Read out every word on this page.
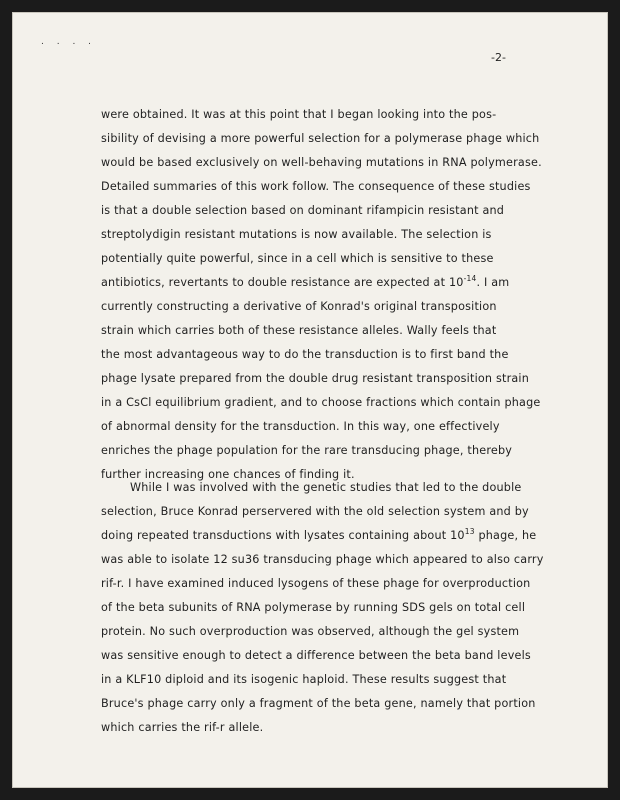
. . . .
-2-
were obtained. It was at this point that I began looking into the pos-
sibility of devising a more powerful selection for a polymerase phage which
would be based exclusively on well-behaving mutations in RNA polymerase.
Detailed summaries of this work follow. The consequence of these studies
is that a double selection based on dominant rifampicin resistant and
streptolydigin resistant mutations is now available. The selection is
potentially quite powerful, since in a cell which is sensitive to these
antibiotics, revertants to double resistance are expected at $10^{-14}$. I am
currently constructing a derivative of Konrad's original transposition
strain which carries both of these resistance alleles. Wally feels that
the most advantageous way to do the transduction is to first band the
phage lysate prepared from the double drug resistant transposition strain
in a CsCl equilibrium gradient, and to choose fractions which contain phage
of abnormal density for the transduction. In this way, one effectively
enriches the phage population for the rare transducing phage, thereby
further increasing one chances of finding it.
While I was involved with the genetic studies that led to the double
selection, Bruce Konrad perservered with the old selection system and by
doing repeated transductions with lysates containing about $10^{13}$ phage, he
was able to isolate 12 su36 transducing phage which appeared to also carry
rif-r. I have examined induced lysogens of these phage for overproduction
of the beta subunits of RNA polymerase by running SDS gels on total cell
protein. No such overproduction was observed, although the gel system
was sensitive enough to detect a difference between the beta band levels
in a KLF10 diploid and its isogenic haploid. These results suggest that
Bruce's phage carry only a fragment of the beta gene, namely that portion
which carries the rif-r allele.
